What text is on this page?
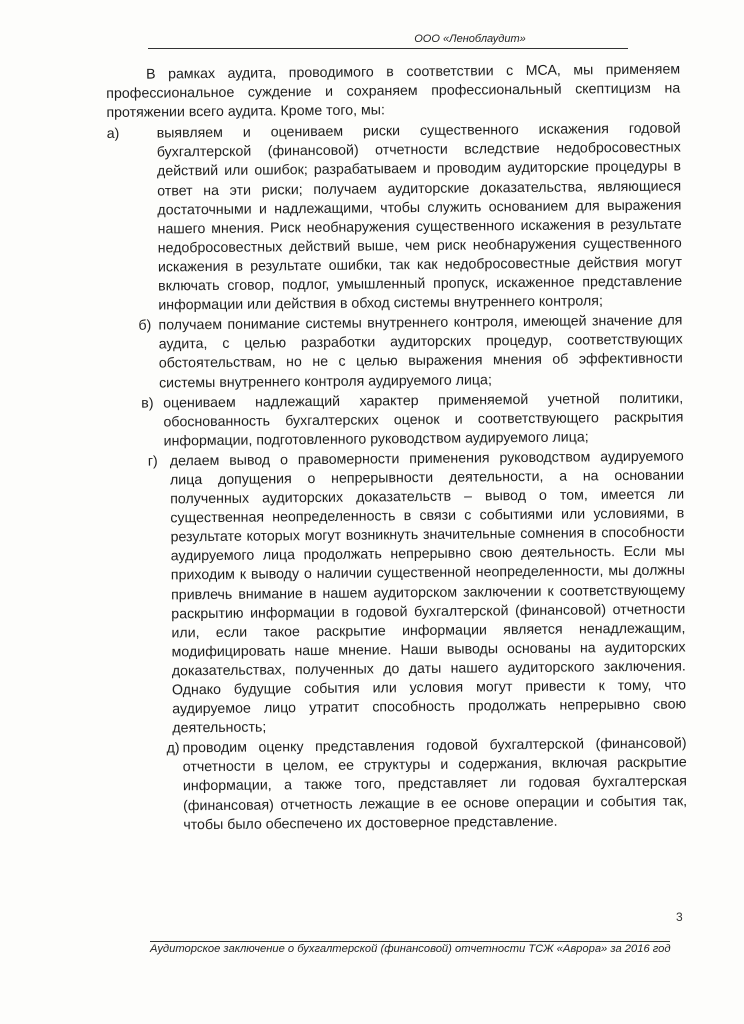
ООО «Леноблаудит»

В рамках аудита, проводимого в соответствии с МСА, мы применяем профессиональное суждение и сохраняем профессиональный скептицизм на протяжении всего аудита. Кроме того, мы:

а)	выявляем и оцениваем риски существенного искажения годовой бухгалтерской (финансовой) отчетности вследствие недобросовестных действий или ошибок; разрабатываем и проводим аудиторские процедуры в ответ на эти риски; получаем аудиторские доказательства, являющиеся достаточными и надлежащими, чтобы служить основанием для выражения нашего мнения. Риск необнаружения существенного искажения в результате недобросовестных действий выше, чем риск необнаружения существенного искажения в результате ошибки, так как недобросовестные действия могут включать сговор, подлог, умышленный пропуск, искаженное представление информации или действия в обход системы внутреннего контроля;
б) получаем понимание системы внутреннего контроля, имеющей значение для аудита, с целью разработки аудиторских процедур, соответствующих обстоятельствам, но не с целью выражения мнения об эффективности системы внутреннего контроля аудируемого лица;
в) оцениваем надлежащий характер применяемой учетной политики, обоснованность бухгалтерских оценок и соответствующего раскрытия информации, подготовленного руководством аудируемого лица;
г) делаем вывод о правомерности применения руководством аудируемого лица допущения о непрерывности деятельности, а на основании полученных аудиторских доказательств – вывод о том, имеется ли существенная неопределенность в связи с событиями или условиями, в результате которых могут возникнуть значительные сомнения в способности аудируемого лица продолжать непрерывно свою деятельность. Если мы приходим к выводу о наличии существенной неопределенности, мы должны привлечь внимание в нашем аудиторском заключении к соответствующему раскрытию информации в годовой бухгалтерской (финансовой) отчетности или, если такое раскрытие информации является ненадлежащим, модифицировать наше мнение. Наши выводы основаны на аудиторских доказательствах, полученных до даты нашего аудиторского заключения. Однако будущие события или условия могут привести к тому, что аудируемое лицо утратит способность продолжать непрерывно свою деятельность;
д) проводим оценку представления годовой бухгалтерской (финансовой) отчетности в целом, ее структуры и содержания, включая раскрытие информации, а также того, представляет ли годовая бухгалтерская (финансовая) отчетность лежащие в ее основе операции и события так, чтобы было обеспечено их достоверное представление.
3
Аудиторское заключение о бухгалтерской (финансовой) отчетности ТСЖ «Аврора» за 2016 год
